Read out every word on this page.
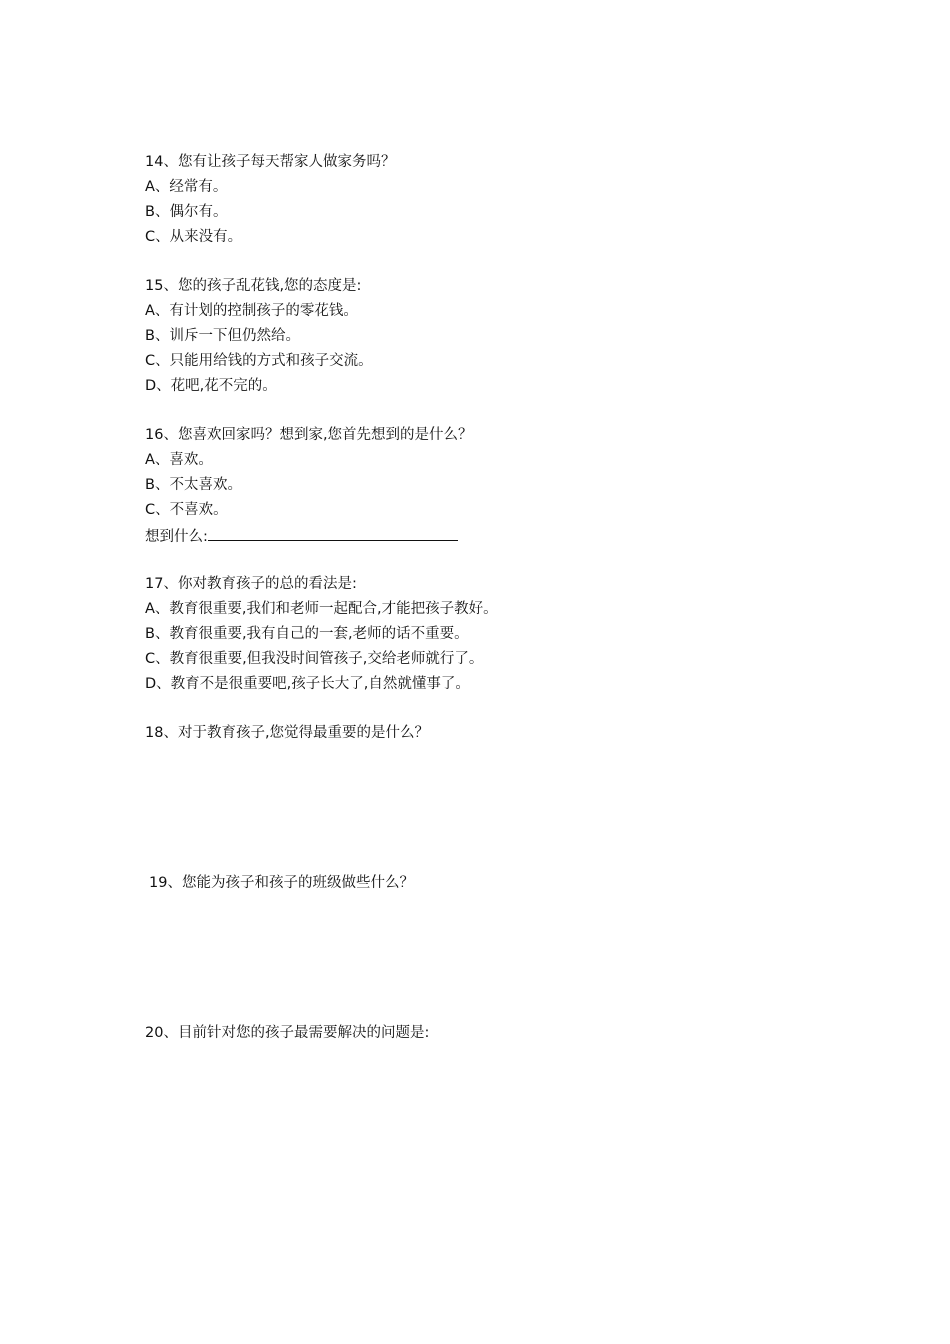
14、您有让孩子每天帮家人做家务吗？
A、经常有。
B、偶尔有。
C、从来没有。
15、您的孩子乱花钱,您的态度是:
A、有计划的控制孩子的零花钱。
B、训斥一下但仍然给。
C、只能用给钱的方式和孩子交流。
D、花吧,花不完的。
16、您喜欢回家吗？想到家,您首先想到的是什么？
A、喜欢。
B、不太喜欢。
C、不喜欢。
想到什么:
17、你对教育孩子的总的看法是:
A、教育很重要,我们和老师一起配合,才能把孩子教好。
B、教育很重要,我有自己的一套,老师的话不重要。
C、教育很重要,但我没时间管孩子,交给老师就行了。
D、教育不是很重要吧,孩子长大了,自然就懂事了。
18、对于教育孩子,您觉得最重要的是什么？
19、您能为孩子和孩子的班级做些什么？
20、目前针对您的孩子最需要解决的问题是:
